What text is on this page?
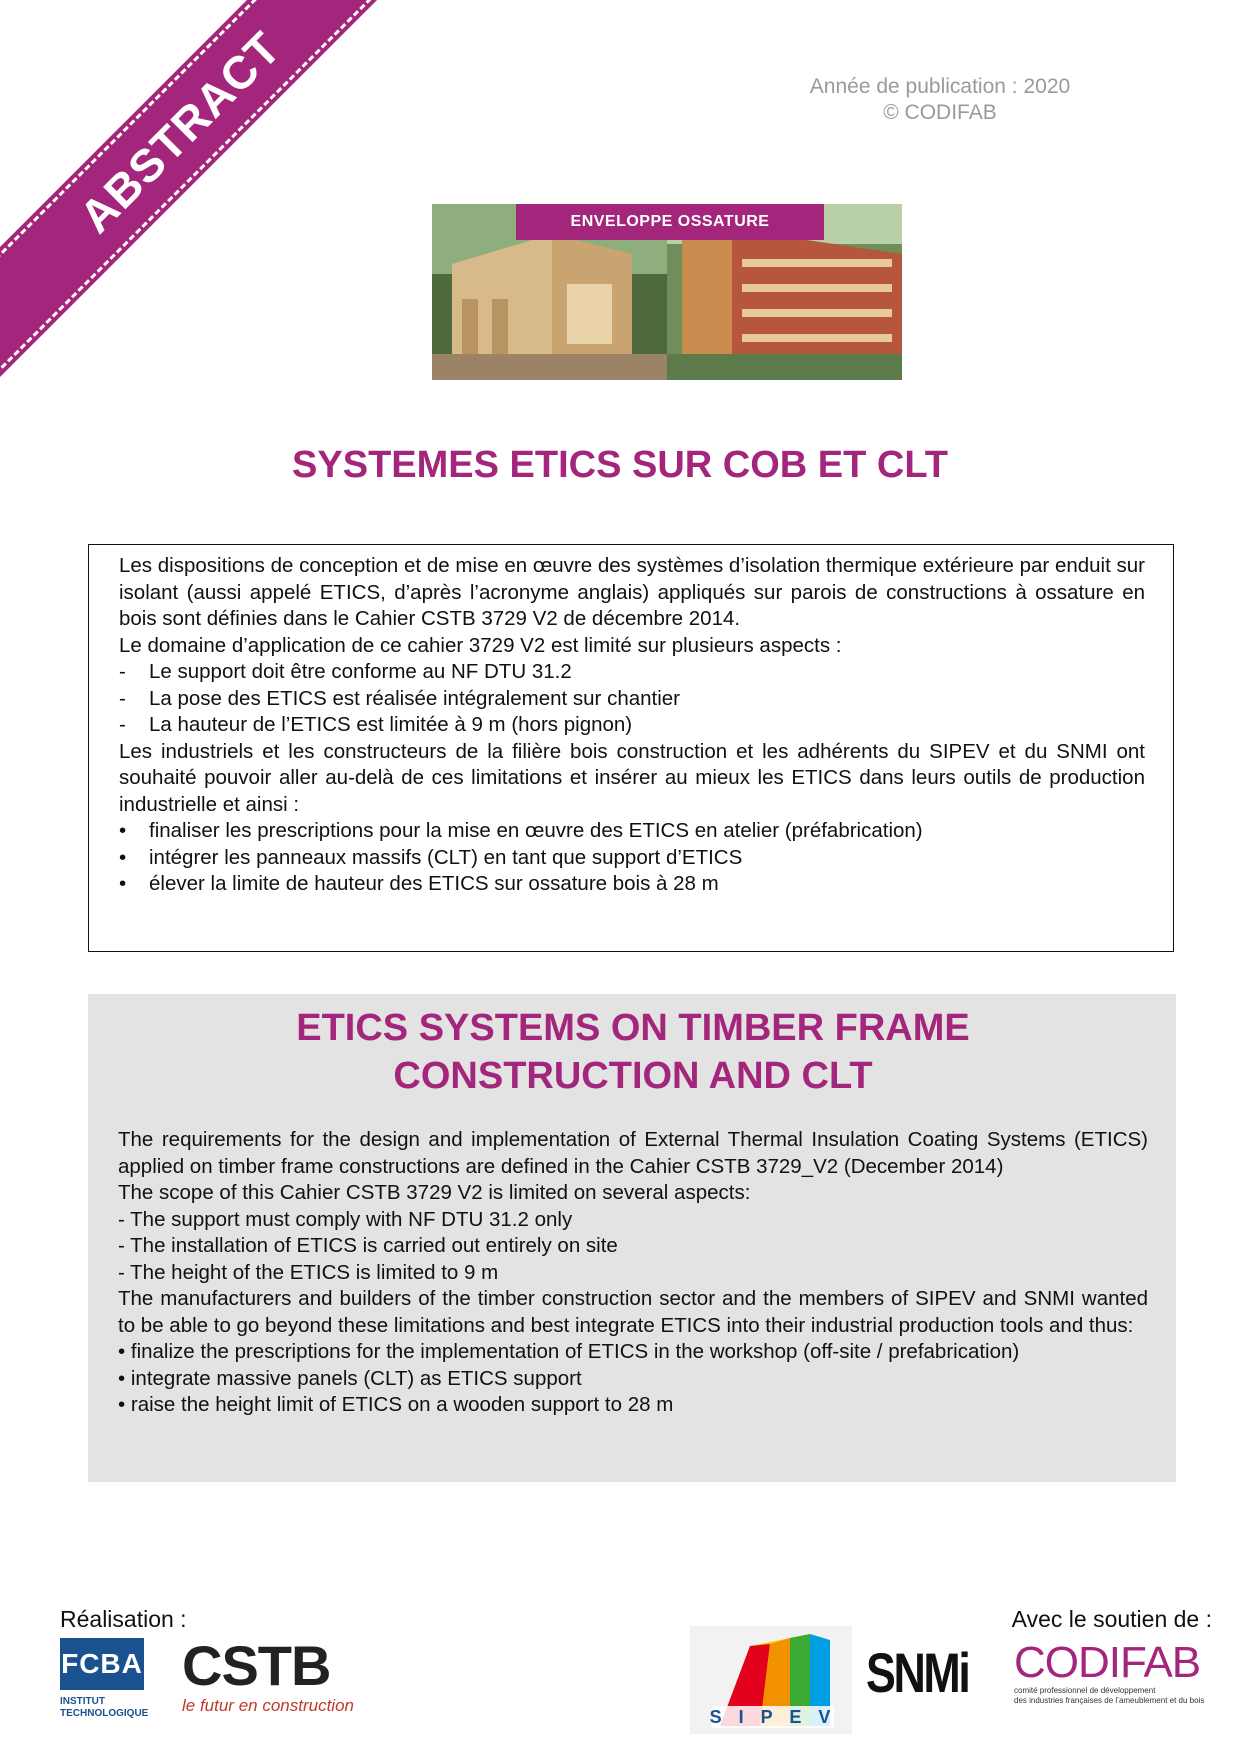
ABSTRACT	Année de publication : 2020
© CODIFAB
ENVELOPPE OSSATURE
SYSTEMES ETICS SUR COB ET CLT

Les dispositions de conception et de mise en œuvre des systèmes d’isolation thermique extérieure par enduit sur isolant (aussi appelé ETICS, d’après l’acronyme anglais) appliqués sur parois de constructions à ossature en bois sont définies dans le Cahier CSTB 3729 V2 de décembre 2014.

Le domaine d’application de ce cahier 3729 V2 est limité sur plusieurs aspects :

-	Le support doit être conforme au NF DTU 31.2
-	La pose des ETICS est réalisée intégralement sur chantier
-	La hauteur de l’ETICS est limitée à 9 m (hors pignon)

Les industriels et les constructeurs de la filière bois construction et les adhérents du SIPEV et du SNMI ont souhaité pouvoir aller au-delà de ces limitations et insérer au mieux les ETICS dans leurs outils de production industrielle et ainsi :

•	finaliser les prescriptions pour la mise en œuvre des ETICS en atelier (préfabrication)
•	intégrer les panneaux massifs (CLT) en tant que support d’ETICS
•	élever la limite de hauteur des ETICS sur ossature bois à 28 m
ETICS SYSTEMS ON TIMBER FRAME
CONSTRUCTION AND CLT

The requirements for the design and implementation of External Thermal Insulation Coating Systems (ETICS) applied on timber frame constructions are defined in the Cahier CSTB 3729_V2 (December 2014)

The scope of this Cahier CSTB 3729 V2 is limited on several aspects:

- The support must comply with NF DTU 31.2 only
- The installation of ETICS is carried out entirely on site
- The height of the ETICS is limited to 9 m

The manufacturers and builders of the timber construction sector and the members of SIPEV and SNMI wanted to be able to go beyond these limitations and best integrate ETICS into their industrial production tools and thus:

• finalize the prescriptions for the implementation of ETICS in the workshop (off-site / prefabrication)
• integrate massive panels (CLT) as ETICS support
• raise the height limit of ETICS on a wooden support to 28 m
Réalisation :	Avec le soutien de :
FCBA
INSTITUT
TECHNOLOGIQUE
CSTB
le futur en construction
S I P E V
SNMi CODIFAB
comité professionnel de développement
des industries françaises de l’ameublement et du bois
